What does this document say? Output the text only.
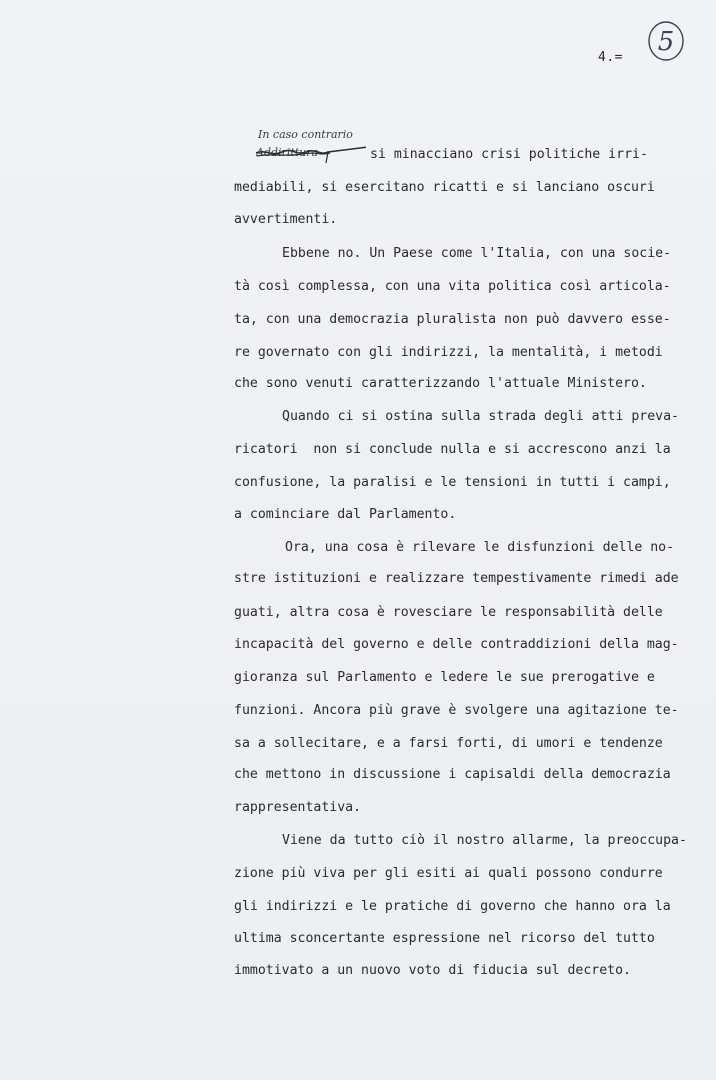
4.=
5
In caso contrario
Addirittura	si minacciano crisi politiche irri-
mediabili, si esercitano ricatti e si lanciano oscuri
avvertimenti.
Ebbene no. Un Paese come l'Italia, con una socie-
tà così complessa, con una vita politica così articola-
ta, con una democrazia pluralista non può davvero esse-
re governato con gli indirizzi, la mentalità, i metodi
che sono venuti caratterizzando l'attuale Ministero.
Quando ci si ostina sulla strada degli atti preva-
ricatori  non si conclude nulla e si accrescono anzi la
confusione, la paralisi e le tensioni in tutti i campi,
a cominciare dal Parlamento.
Ora, una cosa è rilevare le disfunzioni delle no-
stre istituzioni e realizzare tempestivamente rimedi ade
guati, altra cosa è rovesciare le responsabilità delle
incapacità del governo e delle contraddizioni della mag-
gioranza sul Parlamento e ledere le sue prerogative e
funzioni. Ancora più grave è svolgere una agitazione te-
sa a sollecitare, e a farsi forti, di umori e tendenze
che mettono in discussione i capisaldi della democrazia
rappresentativa.
Viene da tutto ciò il nostro allarme, la preoccupa-
zione più viva per gli esiti ai quali possono condurre
gli indirizzi e le pratiche di governo che hanno ora la
ultima sconcertante espressione nel ricorso del tutto
immotivato a un nuovo voto di fiducia sul decreto.
